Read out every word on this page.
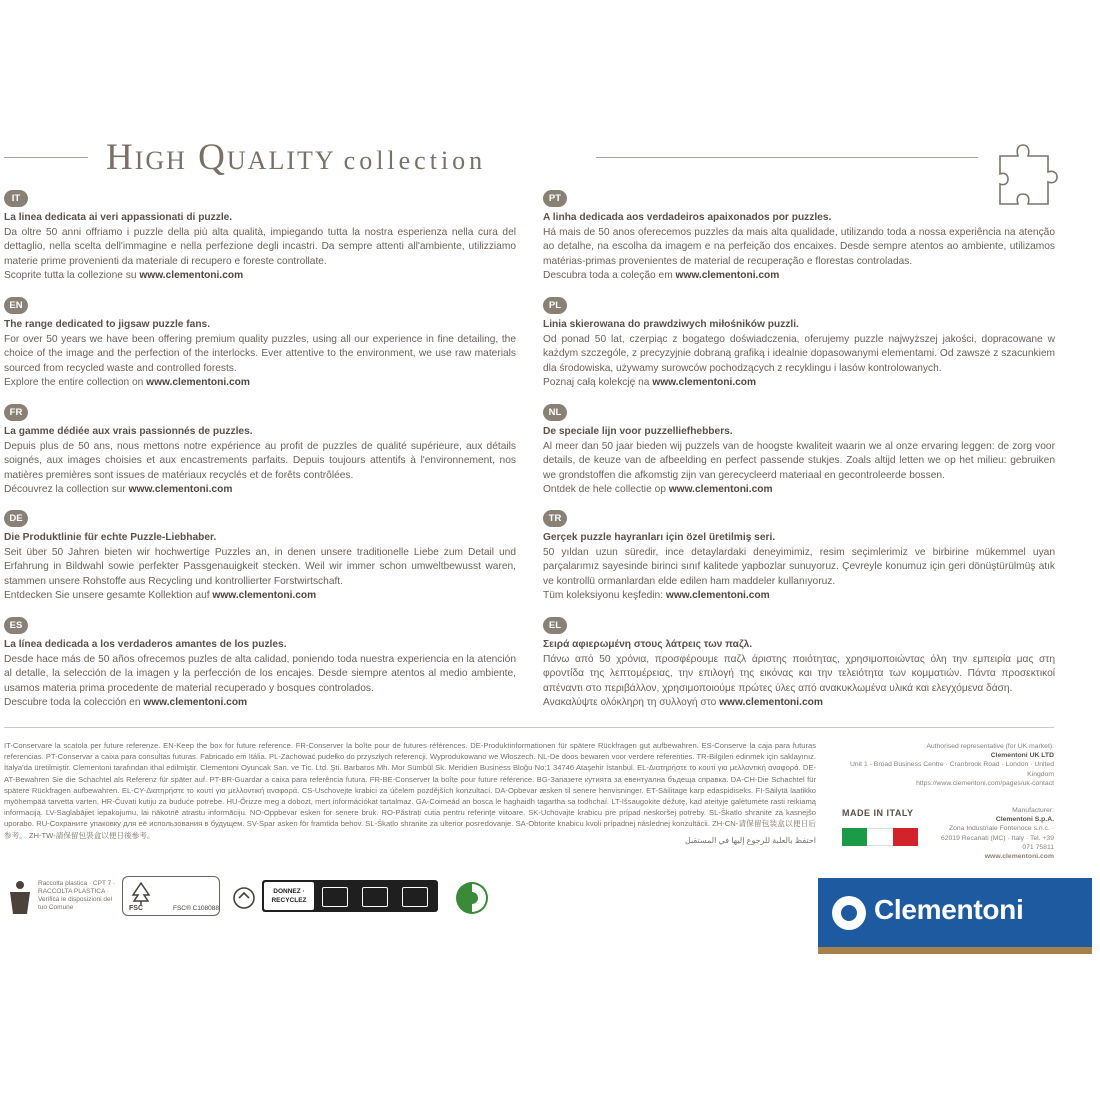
High Quality collection
IT
La linea dedicata ai veri appassionati di puzzle.
Da oltre 50 anni offriamo i puzzle della più alta qualità, impiegando tutta la nostra esperienza nella cura del dettaglio, nella scelta dell'immagine e nella perfezione degli incastri. Da sempre attenti all'ambiente, utilizziamo materie prime provenienti da materiale di recupero e foreste controllate.
Scoprite tutta la collezione su www.clementoni.com
EN
The range dedicated to jigsaw puzzle fans.
For over 50 years we have been offering premium quality puzzles, using all our experience in fine detailing, the choice of the image and the perfection of the interlocks. Ever attentive to the environment, we use raw materials sourced from recycled waste and controlled forests.
Explore the entire collection on www.clementoni.com
FR
La gamme dédiée aux vrais passionnés de puzzles.
Depuis plus de 50 ans, nous mettons notre expérience au profit de puzzles de qualité supérieure, aux détails soignés, aux images choisies et aux encastrements parfaits. Depuis toujours attentifs à l'environnement, nos matières premières sont issues de matériaux recyclés et de forêts contrôlées.
Découvrez la collection sur www.clementoni.com
DE
Die Produktlinie für echte Puzzle-Liebhaber.
Seit über 50 Jahren bieten wir hochwertige Puzzles an, in denen unsere traditionelle Liebe zum Detail und Erfahrung in Bildwahl sowie perfekter Passgenauigkeit stecken. Weil wir immer schon umweltbewusst waren, stammen unsere Rohstoffe aus Recycling und kontrollierter Forstwirtschaft.
Entdecken Sie unsere gesamte Kollektion auf www.clementoni.com
ES
La línea dedicada a los verdaderos amantes de los puzles.
Desde hace más de 50 años ofrecemos puzles de alta calidad, poniendo toda nuestra experiencia en la atención al detalle, la selección de la imagen y la perfección de los encajes. Desde siempre atentos al medio ambiente, usamos materia prima procedente de material recuperado y bosques controlados.
Descubre toda la colección en www.clementoni.com
PT
A linha dedicada aos verdadeiros apaixonados por puzzles.
Há mais de 50 anos oferecemos puzzles da mais alta qualidade, utilizando toda a nossa experiência na atenção ao detalhe, na escolha da imagem e na perfeição dos encaixes. Desde sempre atentos ao ambiente, utilizamos matérias-primas provenientes de material de recuperação e florestas controladas.
Descubra toda a coleção em www.clementoni.com
PL
Linia skierowana do prawdziwych miłośników puzzli.
Od ponad 50 lat, czerpiąc z bogatego doświadczenia, oferujemy puzzle najwyższej jakości, dopracowane w każdym szczególe, z precyzyjnie dobraną grafiką i idealnie dopasowanymi elementami. Od zawsze z szacunkiem dla środowiska, używamy surowców pochodzących z recyklingu i lasów kontrolowanych.
Poznaj całą kolekcję na www.clementoni.com
NL
De speciale lijn voor puzzelliefhebbers.
Al meer dan 50 jaar bieden wij puzzels van de hoogste kwaliteit waarin we al onze ervaring leggen: de zorg voor details, de keuze van de afbeelding en perfect passende stukjes. Zoals altijd letten we op het milieu: gebruiken we grondstoffen die afkomstig zijn van gerecycleerd materiaal en gecontroleerde bossen.
Ontdek de hele collectie op www.clementoni.com
TR
Gerçek puzzle hayranları için özel üretilmiş seri.
50 yıldan uzun süredir, ince detaylardaki deneyimimiz, resim seçimlerimiz ve birbirine mükemmel uyan parçalarımız sayesinde birinci sınıf kalitede yapbozlar sunuyoruz. Çevreyle konumuz için geri dönüştürülmüş atık ve kontrollü ormanlardan elde edilen ham maddeler kullanıyoruz.
Tüm koleksiyonu keşfedin: www.clementoni.com
EL
Σειρά αφιερωμένη στους λάτρεις των παζλ.
Πάνω από 50 χρόνια, προσφέρουμε παζλ άριστης ποιότητας, χρησιμοποιώντας όλη την εμπειρία μας στη φροντίδα της λεπτομέρειας, την επιλογή της εικόνας και την τελειότητα των κομματιών. Πάντα προσεκτικοί απέναντι στο περιβάλλον, χρησιμοποιούμε πρώτες ύλες από ανακυκλωμένα υλικά και ελεγχόμενα δάση.
Ανακαλύψτε ολόκληρη τη συλλογή στο www.clementoni.com
IT-Conservare la scatola per future referenze. EN-Keep the box for future reference. FR-Conserver la boîte pour de futures références. DE-Produktinformationen für spätere Rückfragen gut aufbewahren. ES-Conserve la caja para futuras referencias. PT-Conservar a caixa para consultas futuras. Fabricado em Itália. PL-Zachować pudełko do przyszłych referencji. Wyprodukowano we Włoszech. NL-De doos bewaren voor verdere referenties. TR-Bilgileri edinmek için saklayınız. İtalya'da üretilmiştir. Clementoni tarafından ithal edilmiştir. Clementoni Oyuncak San. ve Tic. Ltd. Şti. Barbaros Mh. Mor Sümbül Sk. Meridien Business Bloğu No:1 34746 Ataşehir İstanbul. EL-Διατηρήστε το κουτί για μελλοντική αναφορά. DE-AT-Bewahren Sie die Schachtel als Referenz für später auf. PT-BR-Guardar a caixa para referência futura. FR-BE-Conserver la boîte pour future référence. BG-Запазете кутията за евентуална бъдеща справка. DA-CH-Die Schachtel für spätere Rückfragen aufbewahren. EL-CY-Διατηρήστε το κουτί για μελλοντική αναφορά. CS-Uschovejte krabici za účelem pozdějších konzultací. DA-Opbevar æsken til senere henvisninger. ET-Säilitage karp edaspidiseks. FI-Säilytä laatikko myöhempää tarvetta varten. HR-Čuvati kutiju za buduće potrebe. HU-Őrizze meg a dobozt, mert információkat tartalmaz. GA-Coimeád an bosca le haghaidh tagartha sa todhchaí. LT-Išsaugokite dėžutę, kad ateityje galėtumėte rasti reikiamą informaciją. LV-Saglabājiet iepakojumu, lai nākotnē atrastu informāciju. NO-Oppbevar esken for senere bruk. RO-Păstrați cutia pentru referințe viitoare. SK-Uchovajte krabicu pre prípad neskoršej potreby. SL-Škatlo shranite za kasnejšo uporabo. RU-Сохраните упаковку для её использования в будущем. SV-Spar asken för framtida behov. SL-Škatlo shranite za ulterior posredovanje. SA-Obtorite knabicu kvoli prípadnej následnej konzultácii. ZH-CN-请保留包装盒以便日后参考。 ZH-TW-請保留包裝盒以便日後參考。
احتفظ بالعلبة للرجوع إليها في المستقبل
Authorised representative (for UK market):
Clementoni UK LTD
Unit 1 - Broad Business Centre · Cranbrook Road · London · United Kingdom
https://www.clementoni.com/pages/uk-contact
MADE IN ITALY	Manufacturer:
Clementoni S.p.A.
Zona Industriale Fontenoce s.n.c. · 62019 Recanati (MC) · Italy · Tel. +39 071 75811
www.clementoni.com
Raccolta plastica · CPT 7 · RACCOLTA PLASTICA · Verifica le disposizioni del tuo Comune	FSC	FSC® C108088
DONNEZ · RECYCLEZ	Clementoni
